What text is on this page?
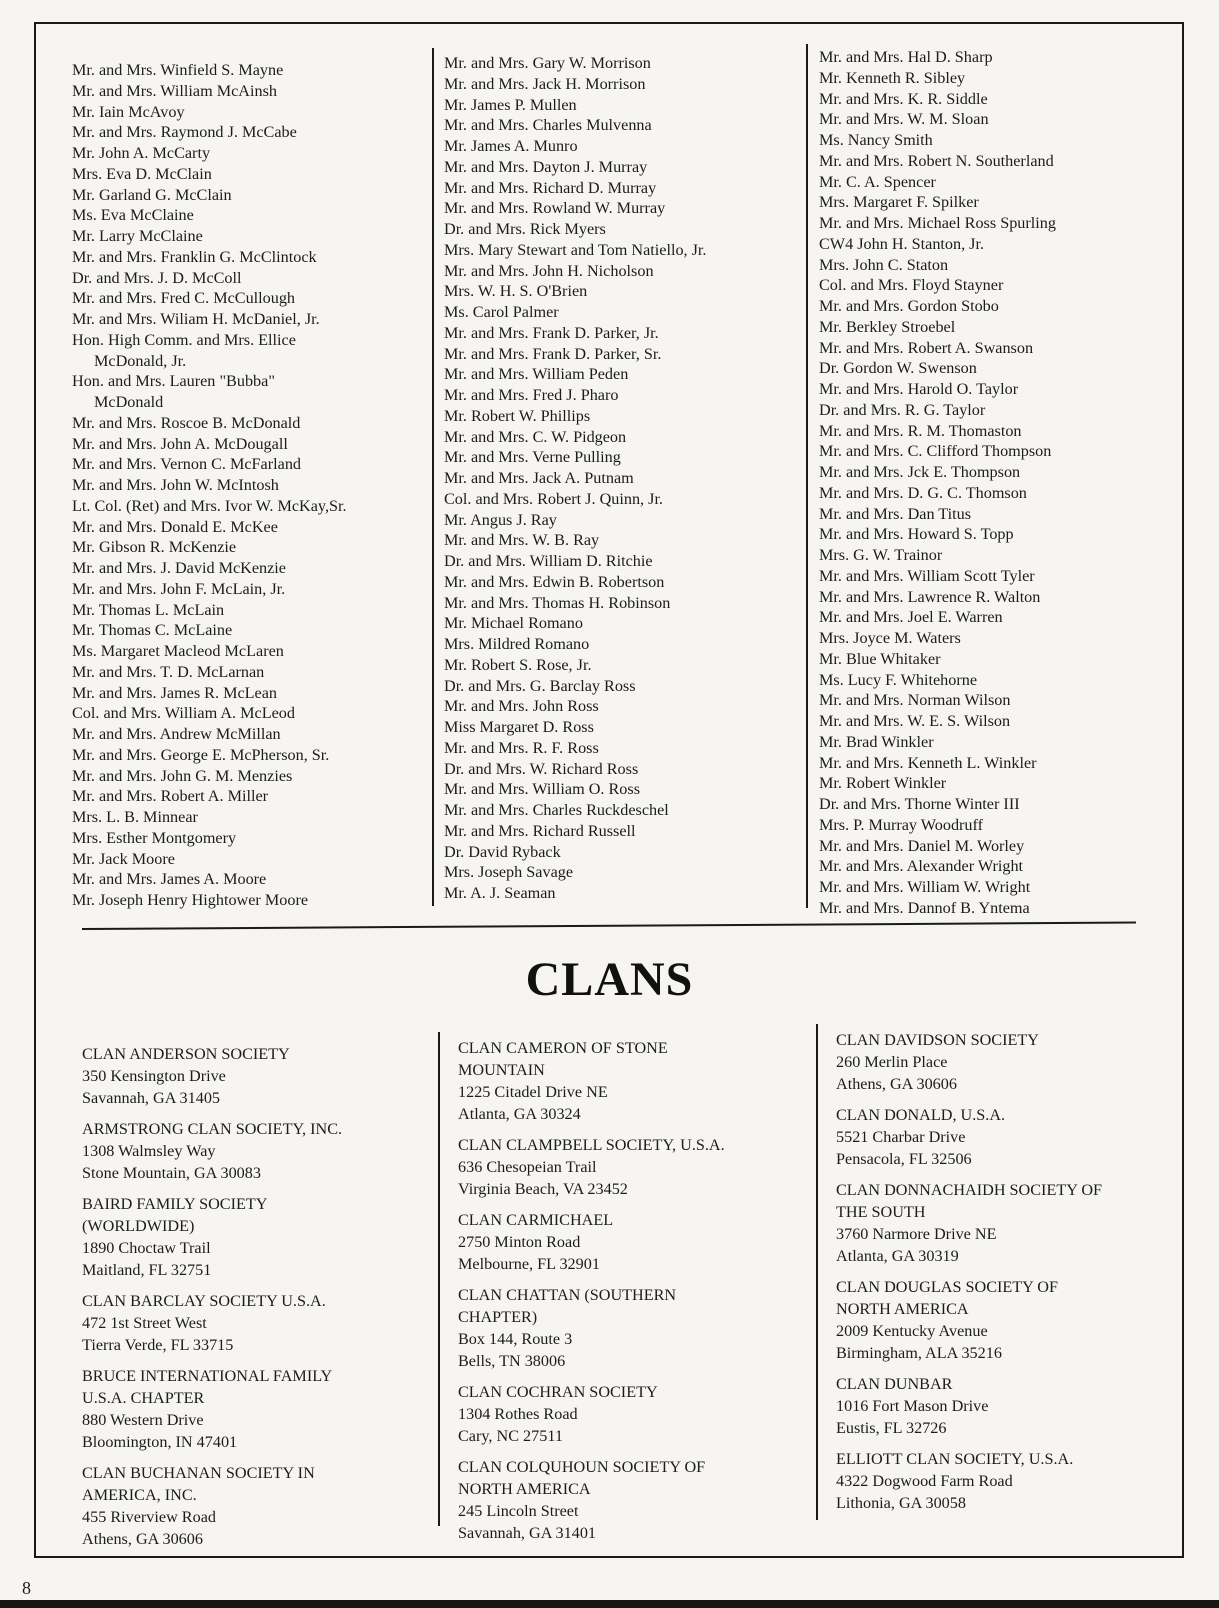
Mr. and Mrs. Winfield S. Mayne
Mr. and Mrs. William McAinsh
Mr. Iain McAvoy
Mr. and Mrs. Raymond J. McCabe
Mr. John A. McCarty
Mrs. Eva D. McClain
Mr. Garland G. McClain
Ms. Eva McClaine
Mr. Larry McClaine
Mr. and Mrs. Franklin G. McClintock
Dr. and Mrs. J. D. McColl
Mr. and Mrs. Fred C. McCullough
Mr. and Mrs. Wiliam H. McDaniel, Jr.
Hon. High Comm. and Mrs. Ellice
McDonald, Jr.
Hon. and Mrs. Lauren "Bubba"
McDonald
Mr. and Mrs. Roscoe B. McDonald
Mr. and Mrs. John A. McDougall
Mr. and Mrs. Vernon C. McFarland
Mr. and Mrs. John W. McIntosh
Lt. Col. (Ret) and Mrs. Ivor W. McKay,Sr.
Mr. and Mrs. Donald E. McKee
Mr. Gibson R. McKenzie
Mr. and Mrs. J. David McKenzie
Mr. and Mrs. John F. McLain, Jr.
Mr. Thomas L. McLain
Mr. Thomas C. McLaine
Ms. Margaret Macleod McLaren
Mr. and Mrs. T. D. McLarnan
Mr. and Mrs. James R. McLean
Col. and Mrs. William A. McLeod
Mr. and Mrs. Andrew McMillan
Mr. and Mrs. George E. McPherson, Sr.
Mr. and Mrs. John G. M. Menzies
Mr. and Mrs. Robert A. Miller
Mrs. L. B. Minnear
Mrs. Esther Montgomery
Mr. Jack Moore
Mr. and Mrs. James A. Moore
Mr. Joseph Henry Hightower Moore
Mr. and Mrs. Gary W. Morrison
Mr. and Mrs. Jack H. Morrison
Mr. James P. Mullen
Mr. and Mrs. Charles Mulvenna
Mr. James A. Munro
Mr. and Mrs. Dayton J. Murray
Mr. and Mrs. Richard D. Murray
Mr. and Mrs. Rowland W. Murray
Dr. and Mrs. Rick Myers
Mrs. Mary Stewart and Tom Natiello, Jr.
Mr. and Mrs. John H. Nicholson
Mrs. W. H. S. O'Brien
Ms. Carol Palmer
Mr. and Mrs. Frank D. Parker, Jr.
Mr. and Mrs. Frank D. Parker, Sr.
Mr. and Mrs. William Peden
Mr. and Mrs. Fred J. Pharo
Mr. Robert W. Phillips
Mr. and Mrs. C. W. Pidgeon
Mr. and Mrs. Verne Pulling
Mr. and Mrs. Jack A. Putnam
Col. and Mrs. Robert J. Quinn, Jr.
Mr. Angus J. Ray
Mr. and Mrs. W. B. Ray
Dr. and Mrs. William D. Ritchie
Mr. and Mrs. Edwin B. Robertson
Mr. and Mrs. Thomas H. Robinson
Mr. Michael Romano
Mrs. Mildred Romano
Mr. Robert S. Rose, Jr.
Dr. and Mrs. G. Barclay Ross
Mr. and Mrs. John Ross
Miss Margaret D. Ross
Mr. and Mrs. R. F. Ross
Dr. and Mrs. W. Richard Ross
Mr. and Mrs. William O. Ross
Mr. and Mrs. Charles Ruckdeschel
Mr. and Mrs. Richard Russell
Dr. David Ryback
Mrs. Joseph Savage
Mr. A. J. Seaman
Mr. and Mrs. Hal D. Sharp
Mr. Kenneth R. Sibley
Mr. and Mrs. K. R. Siddle
Mr. and Mrs. W. M. Sloan
Ms. Nancy Smith
Mr. and Mrs. Robert N. Southerland
Mr. C. A. Spencer
Mrs. Margaret F. Spilker
Mr. and Mrs. Michael Ross Spurling
CW4 John H. Stanton, Jr.
Mrs. John C. Staton
Col. and Mrs. Floyd Stayner
Mr. and Mrs. Gordon Stobo
Mr. Berkley Stroebel
Mr. and Mrs. Robert A. Swanson
Dr. Gordon W. Swenson
Mr. and Mrs. Harold O. Taylor
Dr. and Mrs. R. G. Taylor
Mr. and Mrs. R. M. Thomaston
Mr. and Mrs. C. Clifford Thompson
Mr. and Mrs. Jck E. Thompson
Mr. and Mrs. D. G. C. Thomson
Mr. and Mrs. Dan Titus
Mr. and Mrs. Howard S. Topp
Mrs. G. W. Trainor
Mr. and Mrs. William Scott Tyler
Mr. and Mrs. Lawrence R. Walton
Mr. and Mrs. Joel E. Warren
Mrs. Joyce M. Waters
Mr. Blue Whitaker
Ms. Lucy F. Whitehorne
Mr. and Mrs. Norman Wilson
Mr. and Mrs. W. E. S. Wilson
Mr. Brad Winkler
Mr. and Mrs. Kenneth L. Winkler
Mr. Robert Winkler
Dr. and Mrs. Thorne Winter III
Mrs. P. Murray Woodruff
Mr. and Mrs. Daniel M. Worley
Mr. and Mrs. Alexander Wright
Mr. and Mrs. William W. Wright
Mr. and Mrs. Dannof B. Yntema
CLANS
CLAN ANDERSON SOCIETY
350 Kensington Drive
Savannah, GA 31405
ARMSTRONG CLAN SOCIETY, INC.
1308 Walmsley Way
Stone Mountain, GA 30083
BAIRD FAMILY SOCIETY
(WORLDWIDE)
1890 Choctaw Trail
Maitland, FL 32751
CLAN BARCLAY SOCIETY U.S.A.
472 1st Street West
Tierra Verde, FL 33715
BRUCE INTERNATIONAL FAMILY
U.S.A. CHAPTER
880 Western Drive
Bloomington, IN 47401
CLAN BUCHANAN SOCIETY IN
AMERICA, INC.
455 Riverview Road
Athens, GA 30606
CLAN CAMERON OF STONE
MOUNTAIN
1225 Citadel Drive NE
Atlanta, GA 30324
CLAN CLAMPBELL SOCIETY, U.S.A.
636 Chesopeian Trail
Virginia Beach, VA 23452
CLAN CARMICHAEL
2750 Minton Road
Melbourne, FL 32901
CLAN CHATTAN (SOUTHERN
CHAPTER)
Box 144, Route 3
Bells, TN 38006
CLAN COCHRAN SOCIETY
1304 Rothes Road
Cary, NC 27511
CLAN COLQUHOUN SOCIETY OF
NORTH AMERICA
245 Lincoln Street
Savannah, GA 31401
CLAN DAVIDSON SOCIETY
260 Merlin Place
Athens, GA 30606
CLAN DONALD, U.S.A.
5521 Charbar Drive
Pensacola, FL 32506
CLAN DONNACHAIDH SOCIETY OF
THE SOUTH
3760 Narmore Drive NE
Atlanta, GA 30319
CLAN DOUGLAS SOCIETY OF
NORTH AMERICA
2009 Kentucky Avenue
Birmingham, ALA 35216
CLAN DUNBAR
1016 Fort Mason Drive
Eustis, FL 32726
ELLIOTT CLAN SOCIETY, U.S.A.
4322 Dogwood Farm Road
Lithonia, GA 30058
8
